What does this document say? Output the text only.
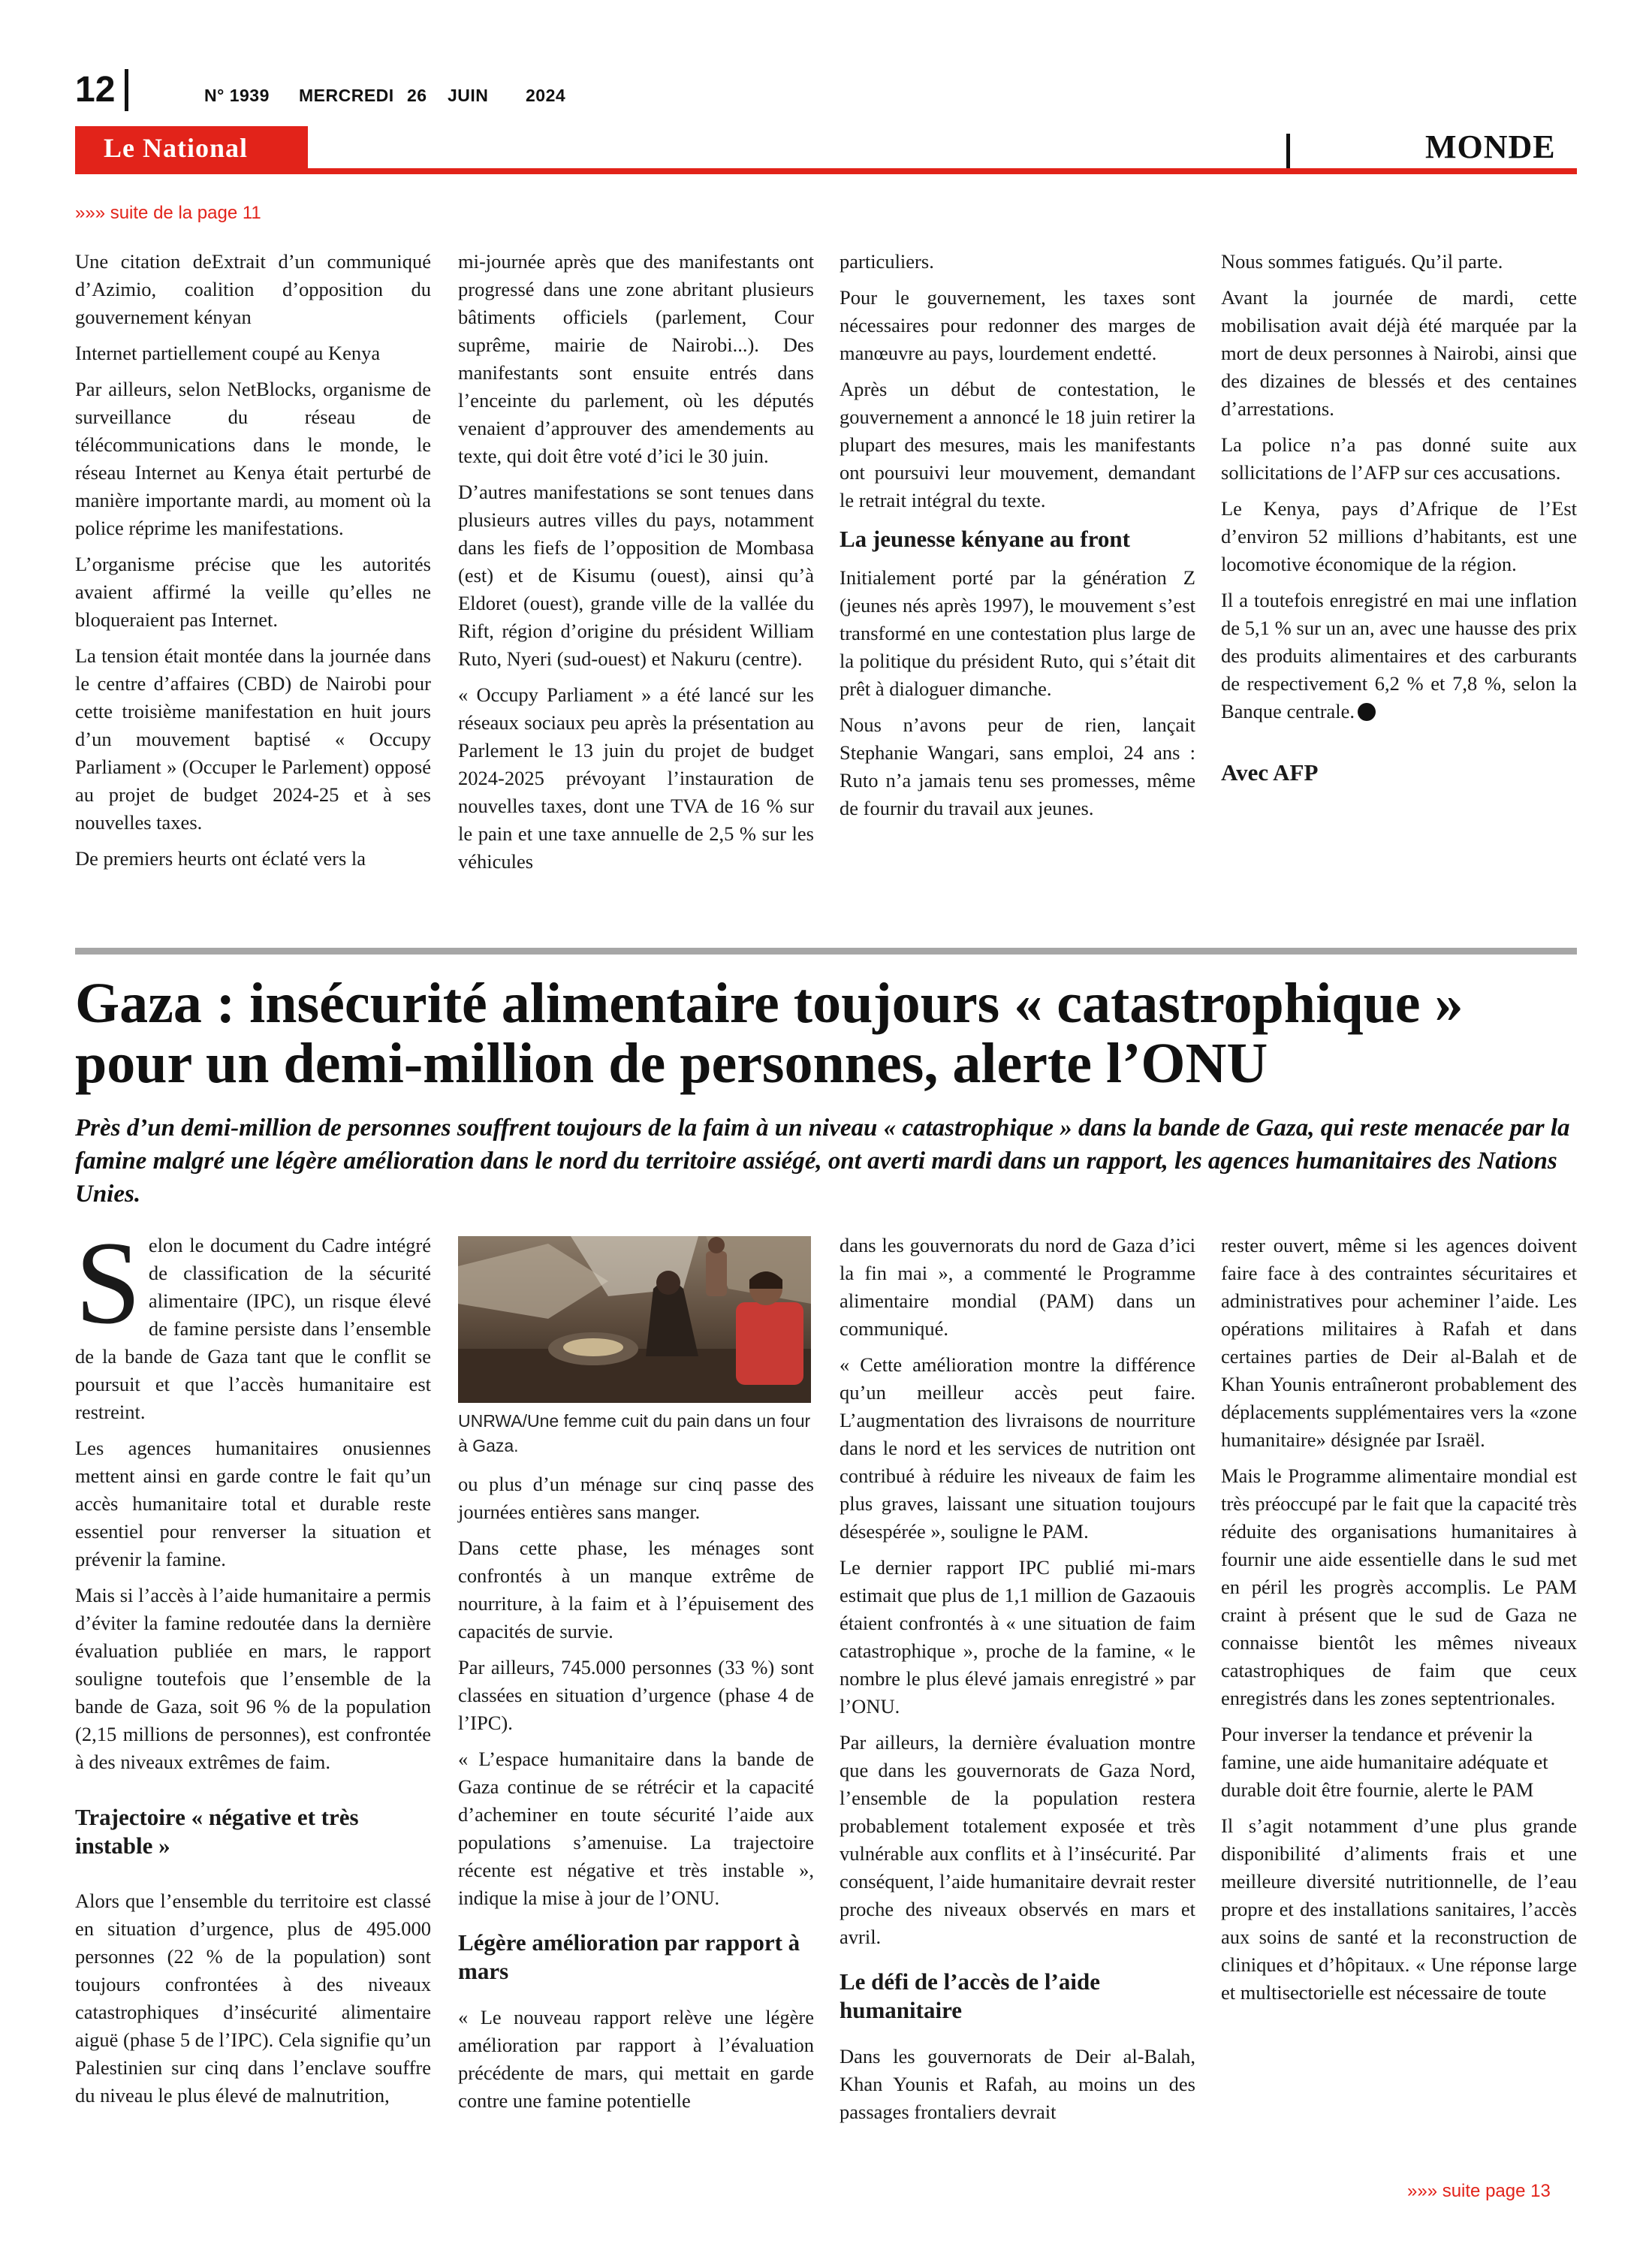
12	N° 1939 MERCREDI 26 JUIN 2024
Le National	MONDE
»»» suite de la page 11

Une citation deExtrait d’un communiqué d’Azimio, coalition d’opposition du gouvernement kényan

Internet partiellement coupé au Kenya

Par ailleurs, selon NetBlocks, organisme de surveillance du réseau de télécommunications dans le monde, le réseau Internet au Kenya était perturbé de manière importante mardi, au moment où la police réprime les manifestations.

L’organisme précise que les autorités avaient affirmé la veille qu’elles ne bloqueraient pas Internet.

La tension était montée dans la journée dans le centre d’affaires (CBD) de Nairobi pour cette troisième manifestation en huit jours d’un mouvement baptisé « Occupy Parliament » (Occuper le Parlement) opposé au projet de budget 2024-25 et à ses nouvelles taxes.

De premiers heurts ont éclaté vers la

mi-journée après que des manifestants ont progressé dans une zone abritant plusieurs bâtiments officiels (parlement, Cour suprême, mairie de Nairobi...). Des manifestants sont ensuite entrés dans l’enceinte du parlement, où les députés venaient d’approuver des amendements au texte, qui doit être voté d’ici le 30 juin.

D’autres manifestations se sont tenues dans plusieurs autres villes du pays, notamment dans les fiefs de l’opposition de Mombasa (est) et de Kisumu (ouest), ainsi qu’à Eldoret (ouest), grande ville de la vallée du Rift, région d’origine du président William Ruto, Nyeri (sud-ouest) et Nakuru (centre).

« Occupy Parliament » a été lancé sur les réseaux sociaux peu après la présentation au Parlement le 13 juin du projet de budget 2024-2025 prévoyant l’instauration de nouvelles taxes, dont une TVA de 16 % sur le pain et une taxe annuelle de 2,5 % sur les véhicules

particuliers.

Pour le gouvernement, les taxes sont nécessaires pour redonner des marges de manœuvre au pays, lourdement endetté.

Après un début de contestation, le gouvernement a annoncé le 18 juin retirer la plupart des mesures, mais les manifestants ont poursuivi leur mouvement, demandant le retrait intégral du texte.

La jeunesse kényane au front

Initialement porté par la génération Z (jeunes nés après 1997), le mouvement s’est transformé en une contestation plus large de la politique du président Ruto, qui s’était dit prêt à dialoguer dimanche.

Nous n’avons peur de rien, lançait Stephanie Wangari, sans emploi, 24 ans : Ruto n’a jamais tenu ses promesses, même de fournir du travail aux jeunes.

Nous sommes fatigués. Qu’il parte.

Avant la journée de mardi, cette mobilisation avait déjà été marquée par la mort de deux personnes à Nairobi, ainsi que des dizaines de blessés et des centaines d’arrestations.

La police n’a pas donné suite aux sollicitations de l’AFP sur ces accusations.

Le Kenya, pays d’Afrique de l’Est d’environ 52 millions d’habitants, est une locomotive économique de la région.

Il a toutefois enregistré en mai une inflation de 5,1 % sur un an, avec une hausse des prix des produits alimentaires et des carburants de respectivement 6,2 % et 7,8 %, selon la Banque centrale.

Avec AFP

Gaza : insécurité alimentaire toujours « catastrophique »
pour un demi-million de personnes, alerte l’ONU
Près d’un demi-million de personnes souffrent toujours de la faim à un niveau « catastrophique » dans la bande de Gaza, qui reste menacée par la famine malgré une légère amélioration dans le nord du territoire assiégé, ont averti mardi dans un rapport, les agences humanitaires des Nations Unies.

Selon le document du Cadre intégré de classification de la sécurité alimentaire (IPC), un risque élevé de famine persiste dans l’ensemble de la bande de Gaza tant que le conflit se poursuit et que l’accès humanitaire est restreint.

Les agences humanitaires onusiennes mettent ainsi en garde contre le fait qu’un accès humanitaire total et durable reste essentiel pour renverser la situation et prévenir la famine.

Mais si l’accès à l’aide humanitaire a permis d’éviter la famine redoutée dans la dernière évaluation publiée en mars, le rapport souligne toutefois que l’ensemble de la bande de Gaza, soit 96 % de la population (2,15 millions de personnes), est confrontée à des niveaux extrêmes de faim.

Trajectoire « négative et très instable »

Alors que l’ensemble du territoire est classé en situation d’urgence, plus de 495.000 personnes (22 % de la population) sont toujours confrontées à des niveaux catastrophiques d’insécurité alimentaire aiguë (phase 5 de l’IPC). Cela signifie qu’un Palestinien sur cinq dans l’enclave souffre du niveau le plus élevé de malnutrition,

UNRWA/Une femme cuit du pain dans un four à Gaza.

ou plus d’un ménage sur cinq passe des journées entières sans manger.

Dans cette phase, les ménages sont confrontés à un manque extrême de nourriture, à la faim et à l’épuisement des capacités de survie.

Par ailleurs, 745.000 personnes (33 %) sont classées en situation d’urgence (phase 4 de l’IPC).

« L’espace humanitaire dans la bande de Gaza continue de se rétrécir et la capacité d’acheminer en toute sécurité l’aide aux populations s’amenuise. La trajectoire récente est négative et très instable », indique la mise à jour de l’ONU.

Légère amélioration par rapport à mars

« Le nouveau rapport relève une légère amélioration par rapport à l’évaluation précédente de mars, qui mettait en garde contre une famine potentielle

dans les gouvernorats du nord de Gaza d’ici la fin mai », a commenté le Programme alimentaire mondial (PAM) dans un communiqué.

« Cette amélioration montre la différence qu’un meilleur accès peut faire. L’augmentation des livraisons de nourriture dans le nord et les services de nutrition ont contribué à réduire les niveaux de faim les plus graves, laissant une situation toujours désespérée », souligne le PAM.

Le dernier rapport IPC publié mi-mars estimait que plus de 1,1 million de Gazaouis étaient confrontés à « une situation de faim catastrophique », proche de la famine, « le nombre le plus élevé jamais enregistré » par l’ONU.

Par ailleurs, la dernière évaluation montre que dans les gouvernorats de Gaza Nord, l’ensemble de la population restera probablement totalement exposée et très vulnérable aux conflits et à l’insécurité. Par conséquent, l’aide humanitaire devrait rester proche des niveaux observés en mars et avril.

Le défi de l’accès de l’aide humanitaire

Dans les gouvernorats de Deir al-Balah, Khan Younis et Rafah, au moins un des passages frontaliers devrait

rester ouvert, même si les agences doivent faire face à des contraintes sécuritaires et administratives pour acheminer l’aide. Les opérations militaires à Rafah et dans certaines parties de Deir al-Balah et de Khan Younis entraîneront probablement des déplacements supplémentaires vers la «zone humanitaire» désignée par Israël.

Mais le Programme alimentaire mondial est très préoccupé par le fait que la capacité très réduite des organisations humanitaires à fournir une aide essentielle dans le sud met en péril les progrès accomplis. Le PAM craint à présent que le sud de Gaza ne connaisse bientôt les mêmes niveaux catastrophiques de faim que ceux enregistrés dans les zones septentrionales.

Pour inverser la tendance et prévenir la famine, une aide humanitaire adéquate et durable doit être fournie, alerte le PAM

Il s’agit notamment d’une plus grande disponibilité d’aliments frais et une meilleure diversité nutritionnelle, de l’eau propre et des installations sanitaires, l’accès aux soins de santé et la reconstruction de cliniques et d’hôpitaux. « Une réponse large et multisectorielle est nécessaire de toute

»»» suite page 13
